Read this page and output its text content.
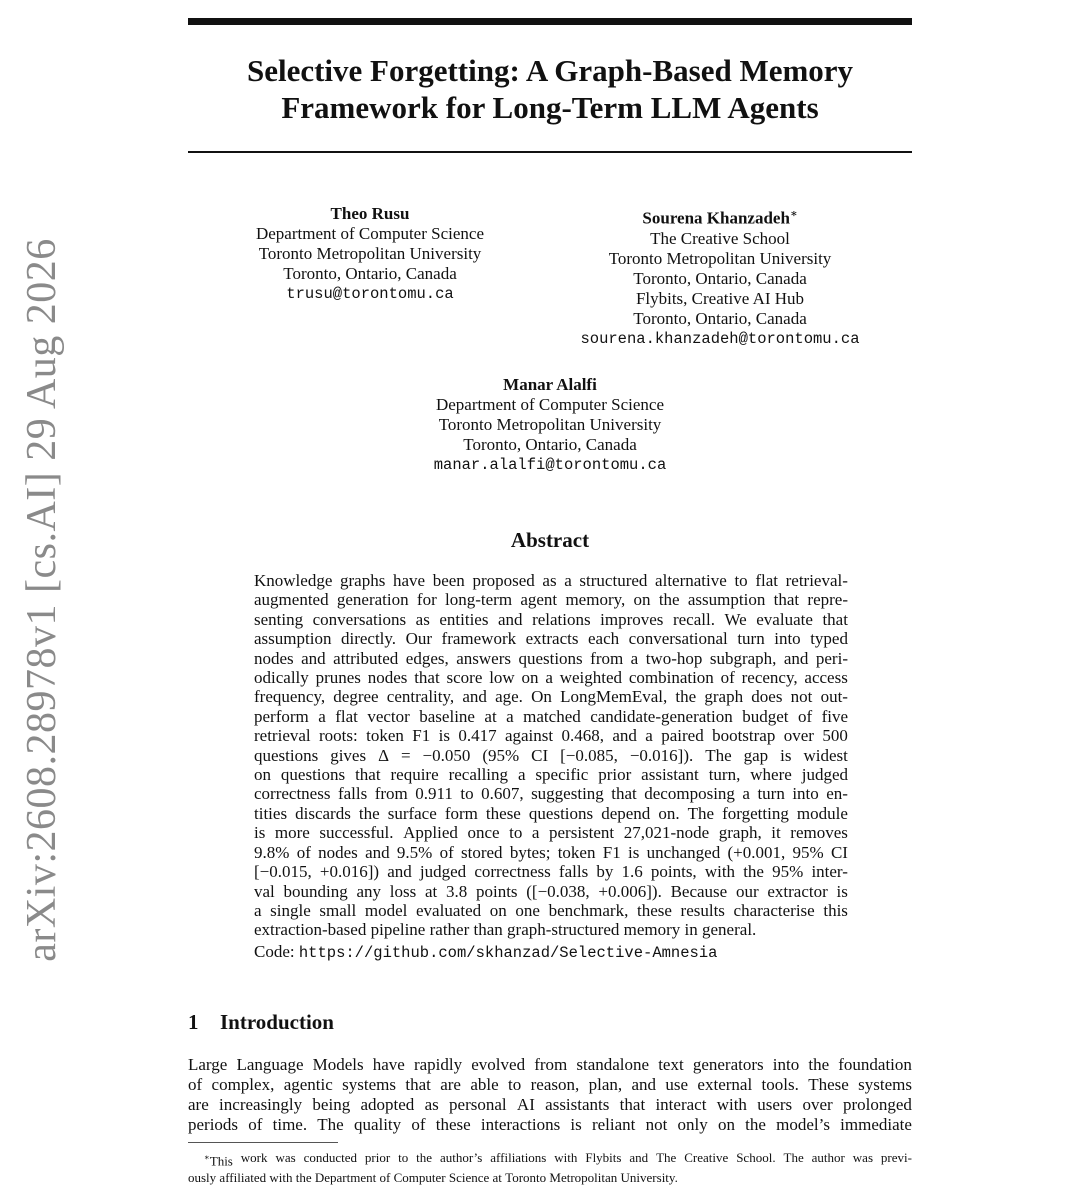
arXiv:2608.28978v1 [cs.AI] 29 Aug 2026
Selective Forgetting: A Graph-Based Memory
Framework for Long-Term LLM Agents
Theo Rusu
Department of Computer Science
Toronto Metropolitan University
Toronto, Ontario, Canada
trusu@torontomu.ca
Sourena Khanzadeh∗
The Creative School
Toronto Metropolitan University
Toronto, Ontario, Canada
Flybits, Creative AI Hub
Toronto, Ontario, Canada
sourena.khanzadeh@torontomu.ca
Manar Alalfi
Department of Computer Science
Toronto Metropolitan University
Toronto, Ontario, Canada
manar.alalfi@torontomu.ca
Abstract
Knowledge graphs have been proposed as a structured alternative to flat retrieval-
augmented generation for long-term agent memory, on the assumption that repre-
senting conversations as entities and relations improves recall. We evaluate that
assumption directly. Our framework extracts each conversational turn into typed
nodes and attributed edges, answers questions from a two-hop subgraph, and peri-
odically prunes nodes that score low on a weighted combination of recency, access
frequency, degree centrality, and age. On LongMemEval, the graph does not out-
perform a flat vector baseline at a matched candidate-generation budget of five
retrieval roots: token F1 is 0.417 against 0.468, and a paired bootstrap over 500
questions gives Δ = −0.050 (95% CI [−0.085, −0.016]). The gap is widest
on questions that require recalling a specific prior assistant turn, where judged
correctness falls from 0.911 to 0.607, suggesting that decomposing a turn into en-
tities discards the surface form these questions depend on. The forgetting module
is more successful. Applied once to a persistent 27,021-node graph, it removes
9.8% of nodes and 9.5% of stored bytes; token F1 is unchanged (+0.001, 95% CI
[−0.015, +0.016]) and judged correctness falls by 1.6 points, with the 95% inter-
val bounding any loss at 3.8 points ([−0.038, +0.006]). Because our extractor is
a single small model evaluated on one benchmark, these results characterise this
extraction-based pipeline rather than graph-structured memory in general.
Code: https://github.com/skhanzad/Selective-Amnesia
1 Introduction
Large Language Models have rapidly evolved from standalone text generators into the foundation
of complex, agentic systems that are able to reason, plan, and use external tools. These systems
are increasingly being adopted as personal AI assistants that interact with users over prolonged
periods of time. The quality of these interactions is reliant not only on the model’s immediate
∗This work was conducted prior to the author’s affiliations with Flybits and The Creative School. The author was previ-
ously affiliated with the Department of Computer Science at Toronto Metropolitan University.
